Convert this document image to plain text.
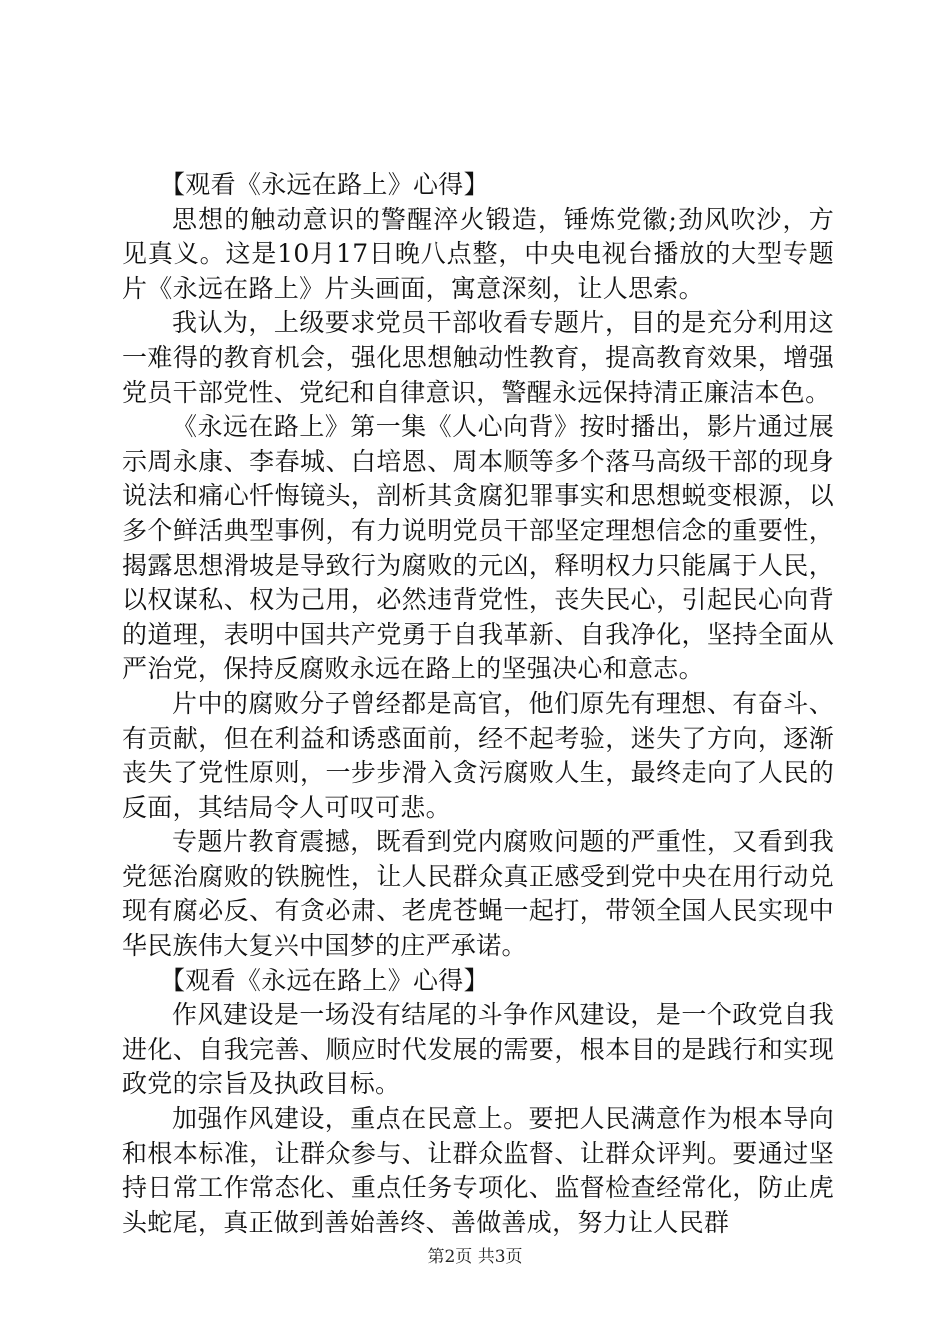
【观看《永远在路上》心得】

思想的触动意识的警醒淬火锻造，锤炼党徽;劲风吹沙，方见真义。这是10月17日晚八点整，中央电视台播放的大型专题片《永远在路上》片头画面，寓意深刻，让人思索。

我认为，上级要求党员干部收看专题片，目的是充分利用这一难得的教育机会，强化思想触动性教育，提高教育效果，增强党员干部党性、党纪和自律意识，警醒永远保持清正廉洁本色。

《永远在路上》第一集《人心向背》按时播出，影片通过展示周永康、李春城、白培恩、周本顺等多个落马高级干部的现身说法和痛心忏悔镜头，剖析其贪腐犯罪事实和思想蜕变根源，以多个鲜活典型事例，有力说明党员干部坚定理想信念的重要性，揭露思想滑坡是导致行为腐败的元凶，释明权力只能属于人民，以权谋私、权为己用，必然违背党性，丧失民心，引起民心向背的道理，表明中国共产党勇于自我革新、自我净化，坚持全面从严治党，保持反腐败永远在路上的坚强决心和意志。

片中的腐败分子曾经都是高官，他们原先有理想、有奋斗、有贡献，但在利益和诱惑面前，经不起考验，迷失了方向，逐渐丧失了党性原则，一步步滑入贪污腐败人生，最终走向了人民的反面，其结局令人可叹可悲。

专题片教育震撼，既看到党内腐败问题的严重性，又看到我党惩治腐败的铁腕性，让人民群众真正感受到党中央在用行动兑现有腐必反、有贪必肃、老虎苍蝇一起打，带领全国人民实现中华民族伟大复兴中国梦的庄严承诺。

【观看《永远在路上》心得】

作风建设是一场没有结尾的斗争作风建设，是一个政党自我进化、自我完善、顺应时代发展的需要，根本目的是践行和实现政党的宗旨及执政目标。

加强作风建设，重点在民意上。要把人民满意作为根本导向和根本标准，让群众参与、让群众监督、让群众评判。要通过坚持日常工作常态化、重点任务专项化、监督检查经常化，防止虎头蛇尾，真正做到善始善终、善做善成，努力让人民群

第2页 共3页
